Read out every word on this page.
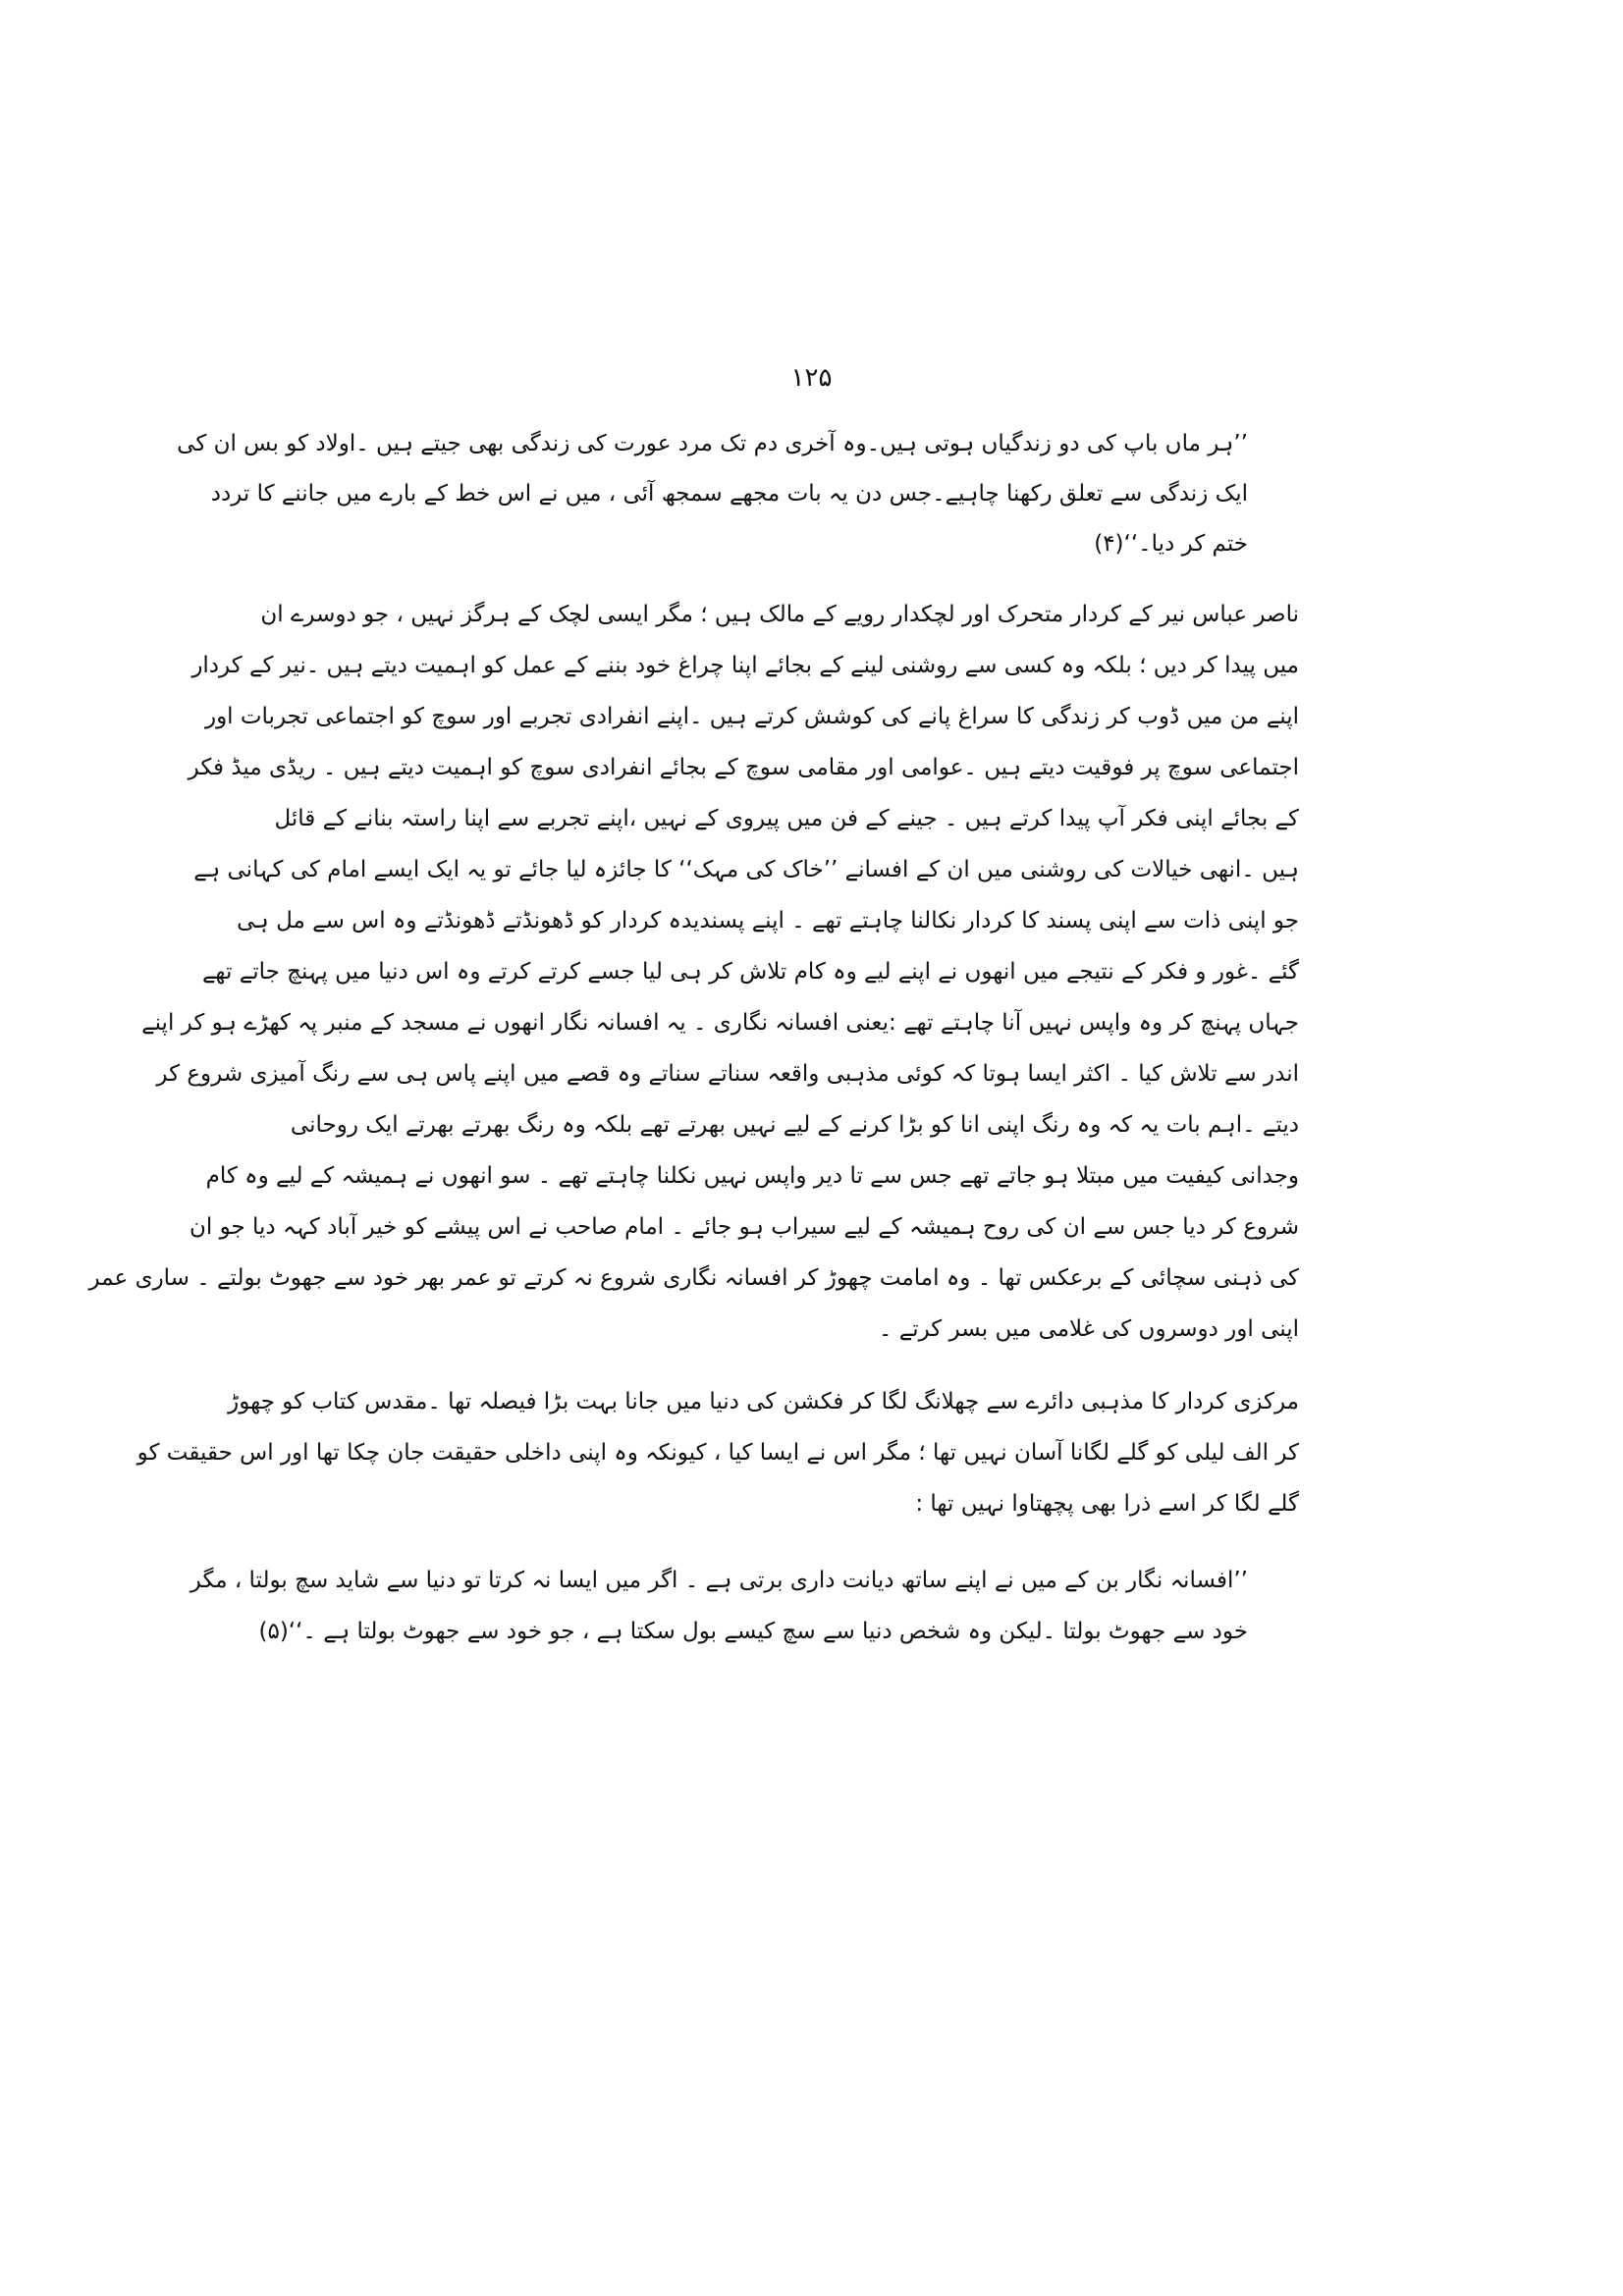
۱۲۵
’’ہر ماں باپ کی دو زندگیاں ہوتی ہیں۔وہ آخری دم تک مرد عورت کی زندگی بھی جیتے ہیں ۔اولاد کو بس ان کی
ایک زندگی سے تعلق رکھنا چاہیے۔جس دن یہ بات مجھے سمجھ آئی ، میں نے اس خط کے بارے میں جاننے کا تردد
ختم کر دیا۔‘‘(۴)
ناصر عباس نیر کے کردار متحرک اور لچکدار رویے کے مالک ہیں ؛ مگر ایسی لچک کے ہرگز نہیں ، جو دوسرے ان
میں پیدا کر دیں ؛ بلکہ وہ کسی سے روشنی لینے کے بجائے اپنا چراغ خود بننے کے عمل کو اہمیت دیتے ہیں ۔نیر کے کردار
اپنے من میں ڈوب کر زندگی کا سراغ پانے کی کوشش کرتے ہیں ۔اپنے انفرادی تجربے اور سوچ کو اجتماعی تجربات اور
اجتماعی سوچ پر فوقیت دیتے ہیں ۔عوامی اور مقامی سوچ کے بجائے انفرادی سوچ کو اہمیت دیتے ہیں ۔ ریڈی میڈ فکر
کے بجائے اپنی فکر آپ پیدا کرتے ہیں ۔ جینے کے فن میں پیروی کے نہیں ،اپنے تجربے سے اپنا راستہ بنانے کے قائل
ہیں ۔انھی خیالات کی روشنی میں ان کے افسانے ’’خاک کی مہک‘‘ کا جائزہ لیا جائے تو یہ ایک ایسے امام کی کہانی ہے
جو اپنی ذات سے اپنی پسند کا کردار نکالنا چاہتے تھے ۔ اپنے پسندیدہ کردار کو ڈھونڈتے ڈھونڈتے وہ اس سے مل ہی
گئے ۔غور و فکر کے نتیجے میں انھوں نے اپنے لیے وہ کام تلاش کر ہی لیا جسے کرتے کرتے وہ اس دنیا میں پہنچ جاتے تھے
جہاں پہنچ کر وہ واپس نہیں آنا چاہتے تھے :یعنی افسانہ نگاری ۔ یہ افسانہ نگار انھوں نے مسجد کے منبر پہ کھڑے ہو کر اپنے
اندر سے تلاش کیا ۔ اکثر ایسا ہوتا کہ کوئی مذہبی واقعہ سناتے سناتے وہ قصے میں اپنے پاس ہی سے رنگ آمیزی شروع کر
دیتے ۔اہم بات یہ کہ وہ رنگ اپنی انا کو بڑا کرنے کے لیے نہیں بھرتے تھے بلکہ وہ رنگ بھرتے بھرتے ایک روحانی
وجدانی کیفیت میں مبتلا ہو جاتے تھے جس سے تا دیر واپس نہیں نکلنا چاہتے تھے ۔ سو انھوں نے ہمیشہ کے لیے وہ کام
شروع کر دیا جس سے ان کی روح ہمیشہ کے لیے سیراب ہو جائے ۔ امام صاحب نے اس پیشے کو خیر آباد کہہ دیا جو ان
کی ذہنی سچائی کے برعکس تھا ۔ وہ امامت چھوڑ کر افسانہ نگاری شروع نہ کرتے تو عمر بھر خود سے جھوٹ بولتے ۔ ساری عمر
اپنی اور دوسروں کی غلامی میں بسر کرتے ۔
مرکزی کردار کا مذہبی دائرے سے چھلانگ لگا کر فکشن کی دنیا میں جانا بہت بڑا فیصلہ تھا ۔مقدس کتاب کو چھوڑ
کر الف لیلی کو گلے لگانا آسان نہیں تھا ؛ مگر اس نے ایسا کیا ، کیونکہ وہ اپنی داخلی حقیقت جان چکا تھا اور اس حقیقت کو
گلے لگا کر اسے ذرا بھی پچھتاوا نہیں تھا :
’’افسانہ نگار بن کے میں نے اپنے ساتھ دیانت داری برتی ہے ۔ اگر میں ایسا نہ کرتا تو دنیا سے شاید سچ بولتا ، مگر
خود سے جھوٹ بولتا ۔لیکن وہ شخص دنیا سے سچ کیسے بول سکتا ہے ، جو خود سے جھوٹ بولتا ہے ۔‘‘(۵)
